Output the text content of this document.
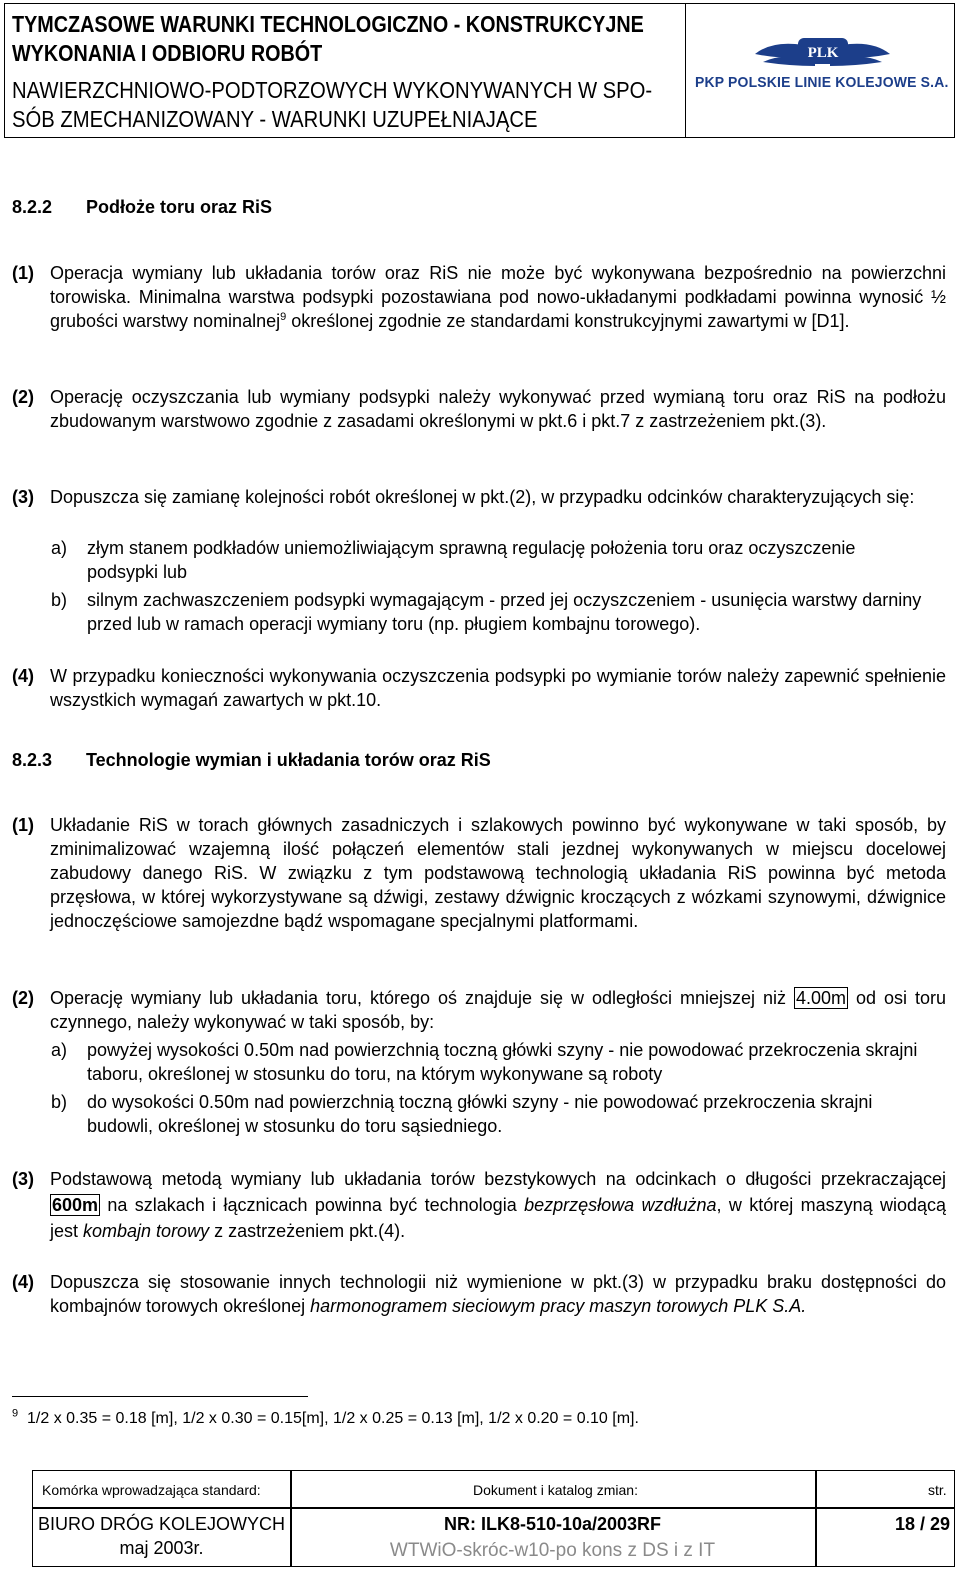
TYMCZASOWE WARUNKI TECHNOLOGICZNO - KONSTRUKCYJNE
WYKONANIA I ODBIORU ROBÓT
NAWIERZCHNIOWO-PODTORZOWYCH WYKONYWANYCH W SPO-
SÓB ZMECHANIZOWANY - WARUNKI UZUPEŁNIAJĄCE
PLK
PKP POLSKIE LINIE KOLEJOWE S.A.
8.2.2 Podłoże toru oraz RiS
(1) Operacja wymiany lub układania torów oraz RiS nie może być wykonywana bezpośrednio na powierzchni torowiska. Minimalna warstwa podsypki pozostawiana pod nowo-układanymi podkładami powinna wynosić ½ grubości warstwy nominalnej$^9$ określonej zgodnie ze standardami konstrukcyjnymi zawartymi w [D1].
(2) Operację oczyszczania lub wymiany podsypki należy wykonywać przed wymianą toru oraz RiS na podłożu zbudowanym warstwowo zgodnie z zasadami określonymi w pkt.6 i pkt.7 z zastrzeżeniem pkt.(3).
(3) Dopuszcza się zamianę kolejności robót określonej w pkt.(2), w przypadku odcinków charakteryzujących się:
a) złym stanem podkładów uniemożliwiającym sprawną regulację położenia toru oraz oczyszczenie podsypki lub
b) silnym zachwaszczeniem podsypki wymagającym - przed jej oczyszczeniem - usunięcia warstwy darniny przed lub w ramach operacji wymiany toru (np. pługiem kombajnu torowego).
(4) W przypadku konieczności wykonywania oczyszczenia podsypki po wymianie torów należy zapewnić spełnienie wszystkich wymagań zawartych w pkt.10.
8.2.3 Technologie wymian i układania torów oraz RiS
(1) Układanie RiS w torach głównych zasadniczych i szlakowych powinno być wykonywane w taki sposób, by zminimalizować wzajemną ilość połączeń elementów stali jezdnej wykonywanych w miejscu docelowej zabudowy danego RiS. W związku z tym podstawową technologią układania RiS powinna być metoda przęsłowa, w której wykorzystywane są dźwigi, zestawy dźwignic kroczących z wózkami szynowymi, dźwignice jednoczęściowe samojezdne bądź wspomagane specjalnymi platformami.
(2) Operację wymiany lub układania toru, którego oś znajduje się w odległości mniejszej niż 4.00m od osi toru czynnego, należy wykonywać w taki sposób, by:
a) powyżej wysokości 0.50m nad powierzchnią toczną główki szyny - nie powodować przekroczenia skrajni taboru, określonej w stosunku do toru, na którym wykonywane są roboty
b) do wysokości 0.50m nad powierzchnią toczną główki szyny - nie powodować przekroczenia skrajni budowli, określonej w stosunku do toru sąsiedniego.
(3) Podstawową metodą wymiany lub układania torów bezstykowych na odcinkach o długości przekraczającej 600m na szlakach i łącznicach powinna być technologia bezprzęsłowa wzdłużna, w której maszyną wiodącą jest kombajn torowy z zastrzeżeniem pkt.(4).
(4) Dopuszcza się stosowanie innych technologii niż wymienione w pkt.(3) w przypadku braku dostępności do kombajnów torowych określonej harmonogramem sieciowym pracy maszyn torowych PLK S.A.
$^9$ 1/2 x 0.35 = 0.18 [m], 1/2 x 0.30 = 0.15[m], 1/2 x 0.25 = 0.13 [m], 1/2 x 0.20 = 0.10 [m].
Komórka wprowadzająca standard:	Dokument i katalog zmian:	str.
BIURO DRÓG KOLEJOWYCH
maj 2003r.
NR: ILK8-510-10a/2003RF
WTWiO-skróc-w10-po kons z DS i z IT
18 / 29
